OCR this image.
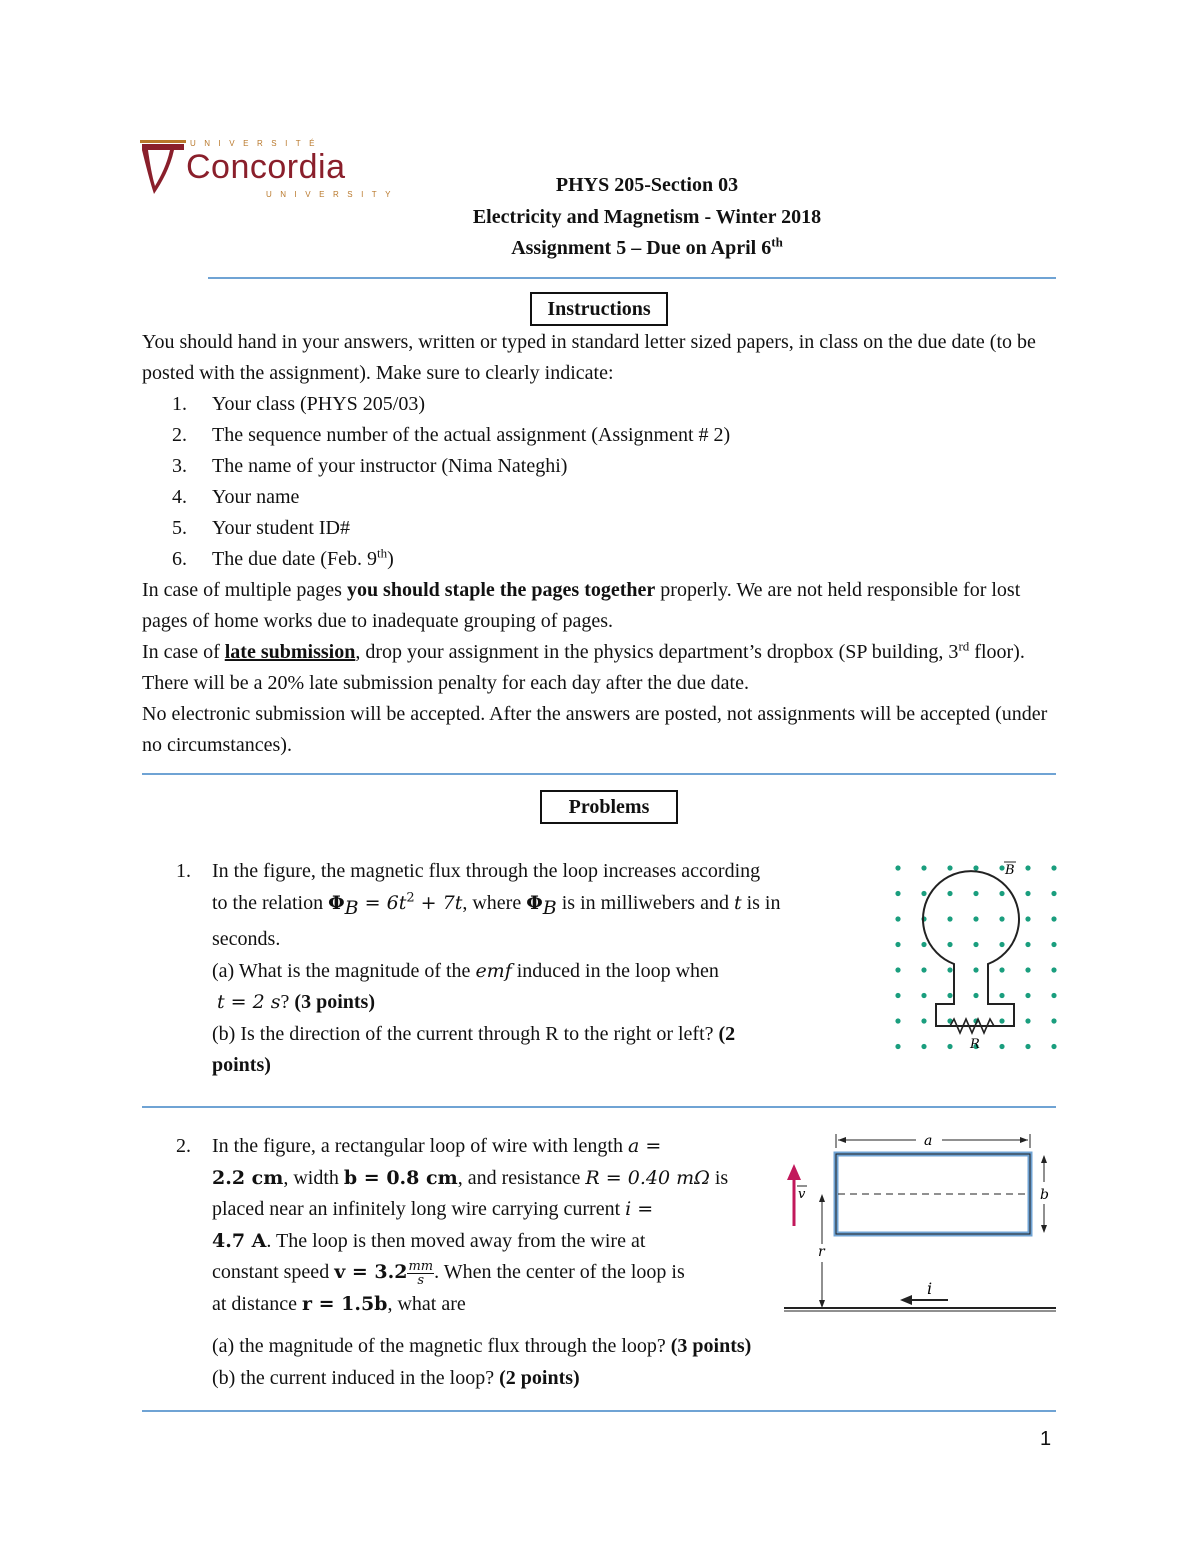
UNIVERSITÉ
Concordia
UNIVERSITY	PHYS 205-Section 03
Electricity and Magnetism - Winter 2018
Assignment 5 – Due on April 6th
Instructions

You should hand in your answers, written or typed in standard letter sized papers, in class on the due date (to be posted with the assignment). Make sure to clearly indicate:

1. Your class (PHYS 205/03)
2. The sequence number of the actual assignment (Assignment # 2)
3. The name of your instructor (Nima Nateghi)
4. Your name
5. Your student ID#
6. The due date (Feb. 9th)

In case of multiple pages you should staple the pages together properly. We are not held responsible for lost pages of home works due to inadequate grouping of pages.

In case of late submission, drop your assignment in the physics department’s dropbox (SP building, 3rd floor). There will be a 20% late submission penalty for each day after the due date.

No electronic submission will be accepted. After the answers are posted, not assignments will be accepted (under no circumstances).

Problems
1. In the figure, the magnetic flux through the loop increases according
to the relation $\Phi_B = 6t^2 + 7t$, where $\Phi_B$ is in milliwebers and t is in
seconds.
(a) What is the magnitude of the emf induced in the loop when
t = 2 s? (3 points)
(b) Is the direction of the current through R to the right or left? (2
points)
B
R
2. In the figure, a rectangular loop of wire with length a =
2.2 cm, width b = 0.8 cm, and resistance R = 0.40 mΩ is
placed near an infinitely long wire carrying current i =
4.7 A. The loop is then moved away from the wire at
constant speed $v = 3.2 \frac{mm}{s}$ . When the center of the loop is
at distance r = 1.5b, what are
(a) the magnitude of the magnetic flux through the loop? (3 points)
(b) the current induced in the loop? (2 points)
a
b
r
v
i
1
